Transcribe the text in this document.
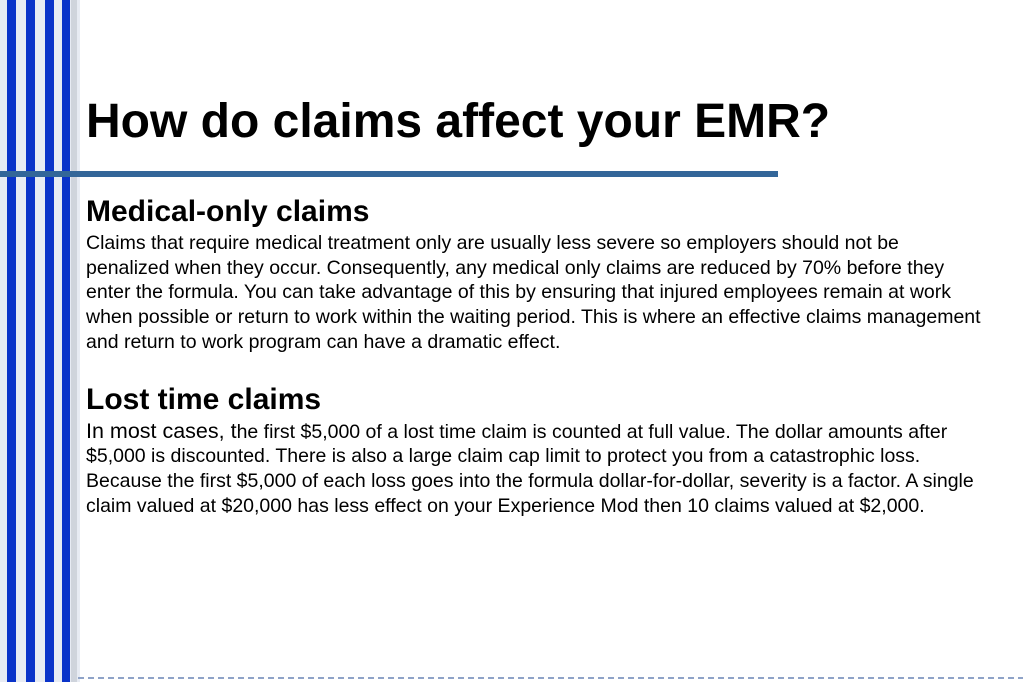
How do claims affect your EMR?
Medical-only claims

Claims that require medical treatment only are usually less severe so employers should not be penalized when they occur. Consequently, any medical only claims are reduced by 70% before they enter the formula. You can take advantage of this by ensuring that injured employees remain at work when possible or return to work within the waiting period. This is where an effective claims management and return to work program can have a dramatic effect.

Lost time claims

In most cases, the first $5,000 of a lost time claim is counted at full value. The dollar amounts after $5,000 is discounted. There is also a large claim cap limit to protect you from a catastrophic loss. Because the first $5,000 of each loss goes into the formula dollar-for-dollar, severity is a factor. A single claim valued at $20,000 has less effect on your Experience Mod then 10 claims valued at $2,000.
